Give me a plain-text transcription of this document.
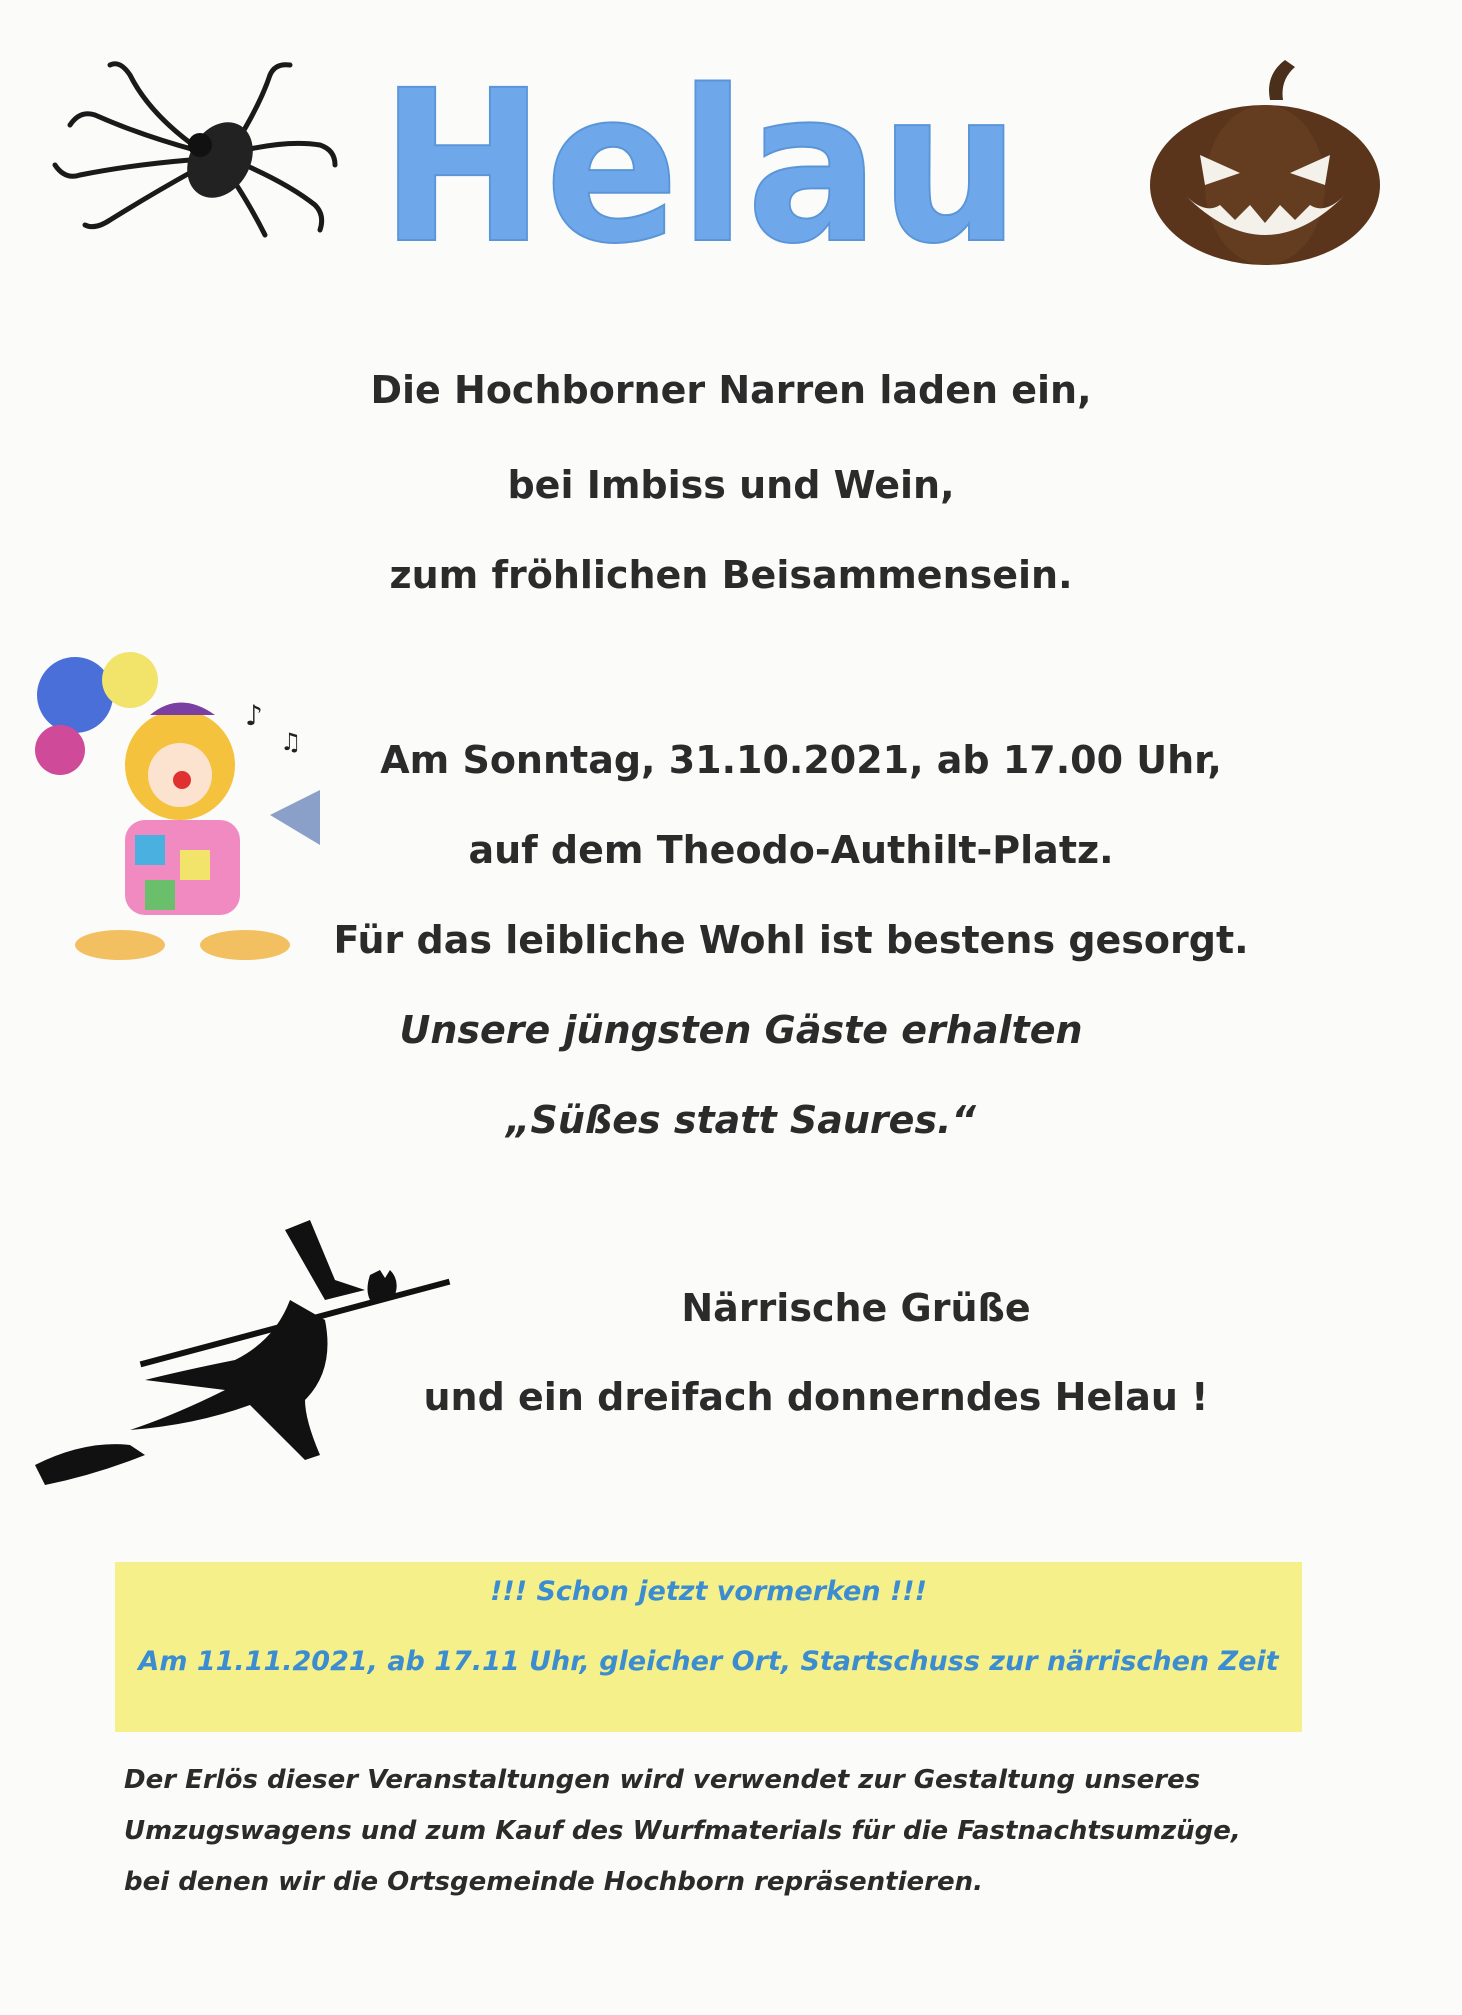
Helau
Die Hochborner Narren laden ein,
bei Imbiss und Wein,
zum fröhlichen Beisammensein.
♪
♫	Am Sonntag, 31.10.2021, ab 17.00 Uhr,
auf dem Theodo-Authilt-Platz.
Für das leibliche Wohl ist bestens gesorgt.
Unsere jüngsten Gäste erhalten
„Süßes statt Saures.“
Närrische Grüße
und ein dreifach donnerndes Helau !
!!! Schon jetzt vormerken !!!
Am 11.11.2021, ab 17.11 Uhr, gleicher Ort, Startschuss zur närrischen Zeit
Der Erlös dieser Veranstaltungen wird verwendet zur Gestaltung unseres
Umzugswagens und zum Kauf des Wurfmaterials für die Fastnachtsumzüge,
bei denen wir die Ortsgemeinde Hochborn repräsentieren.
